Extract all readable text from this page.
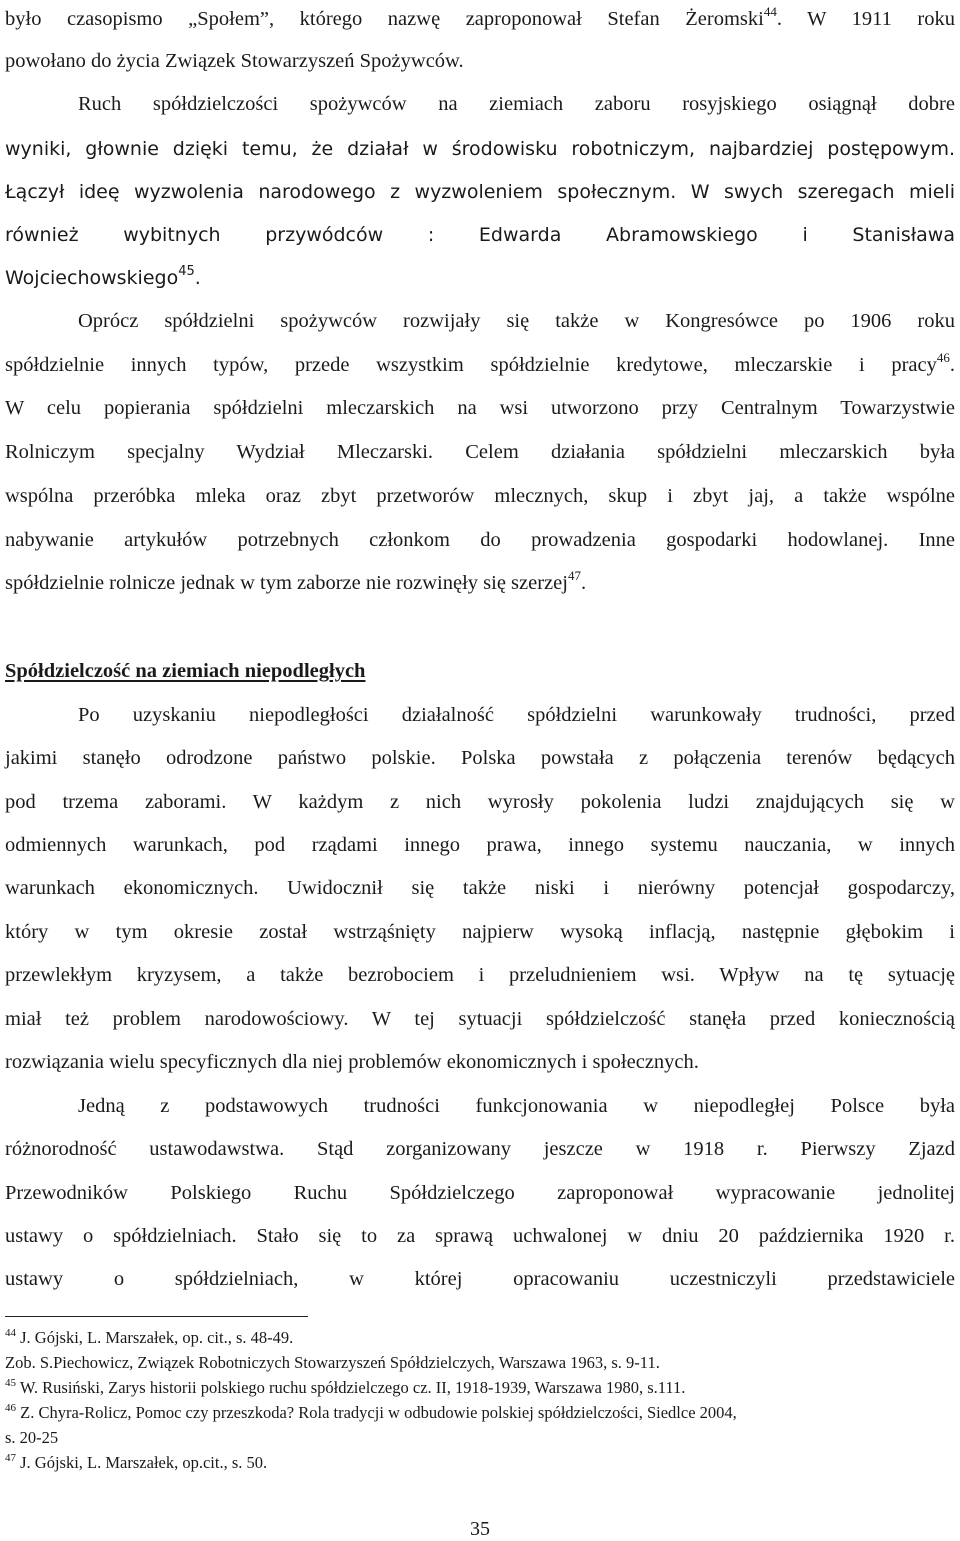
było czasopismo „Społem”, którego nazwę zaproponował Stefan Żeromski$^{44}$. W 1911 roku
powołano do życia Związek Stowarzyszeń Spożywców.
Ruch spółdzielczości spożywców na ziemiach zaboru rosyjskiego osiągnął dobre
wyniki, głownie dzięki temu, że działał w środowisku robotniczym, najbardziej postępowym.
Łączył ideę wyzwolenia narodowego z wyzwoleniem społecznym. W swych szeregach mieli
również wybitnych przywódców : Edwarda Abramowskiego i Stanisława
Wojciechowskiego$^{45}$.
Oprócz spółdzielni spożywców rozwijały się także w Kongresówce po 1906 roku
spółdzielnie innych typów, przede wszystkim spółdzielnie kredytowe, mleczarskie i pracy$^{46}$.
W celu popierania spółdzielni mleczarskich na wsi utworzono przy Centralnym Towarzystwie
Rolniczym specjalny Wydział Mleczarski. Celem działania spółdzielni mleczarskich była
wspólna przeróbka mleka oraz zbyt przetworów mlecznych, skup i zbyt jaj, a także wspólne
nabywanie artykułów potrzebnych członkom do prowadzenia gospodarki hodowlanej. Inne
spółdzielnie rolnicze jednak w tym zaborze nie rozwinęły się szerzej$^{47}$.
Spółdzielczość na ziemiach niepodległych
Po uzyskaniu niepodległości działalność spółdzielni warunkowały trudności, przed
jakimi stanęło odrodzone państwo polskie. Polska powstała z połączenia terenów będących
pod trzema zaborami. W każdym z nich wyrosły pokolenia ludzi znajdujących się w
odmiennych warunkach, pod rządami innego prawa, innego systemu nauczania, w innych
warunkach ekonomicznych. Uwidocznił się także niski i nierówny potencjał gospodarczy,
który w tym okresie został wstrząśnięty najpierw wysoką inflacją, następnie głębokim i
przewlekłym kryzysem, a także bezrobociem i przeludnieniem wsi. Wpływ na tę sytuację
miał też problem narodowościowy. W tej sytuacji spółdzielczość stanęła przed koniecznością
rozwiązania wielu specyficznych dla niej problemów ekonomicznych i społecznych.
Jedną z podstawowych trudności funkcjonowania w niepodległej Polsce była
różnorodność ustawodawstwa. Stąd zorganizowany jeszcze w 1918 r. Pierwszy Zjazd
Przewodników Polskiego Ruchu Spółdzielczego zaproponował wypracowanie jednolitej
ustawy o spółdzielniach. Stało się to za sprawą uchwalonej w dniu 20 października 1920 r.
ustawy o spółdzielniach, w której opracowaniu uczestniczyli przedstawiciele
$^{44}$ J. Gójski, L. Marszałek, op. cit., s. 48-49.
Zob. S.Piechowicz, Związek Robotniczych Stowarzyszeń Spółdzielczych, Warszawa 1963, s. 9-11.
$^{45}$ W. Rusiński, Zarys historii polskiego ruchu spółdzielczego cz. II, 1918-1939, Warszawa 1980, s.111.
$^{46}$ Z. Chyra-Rolicz, Pomoc czy przeszkoda? Rola tradycji w odbudowie polskiej spółdzielczości, Siedlce 2004,
s. 20-25
$^{47}$ J. Gójski, L. Marszałek, op.cit., s. 50.
35
